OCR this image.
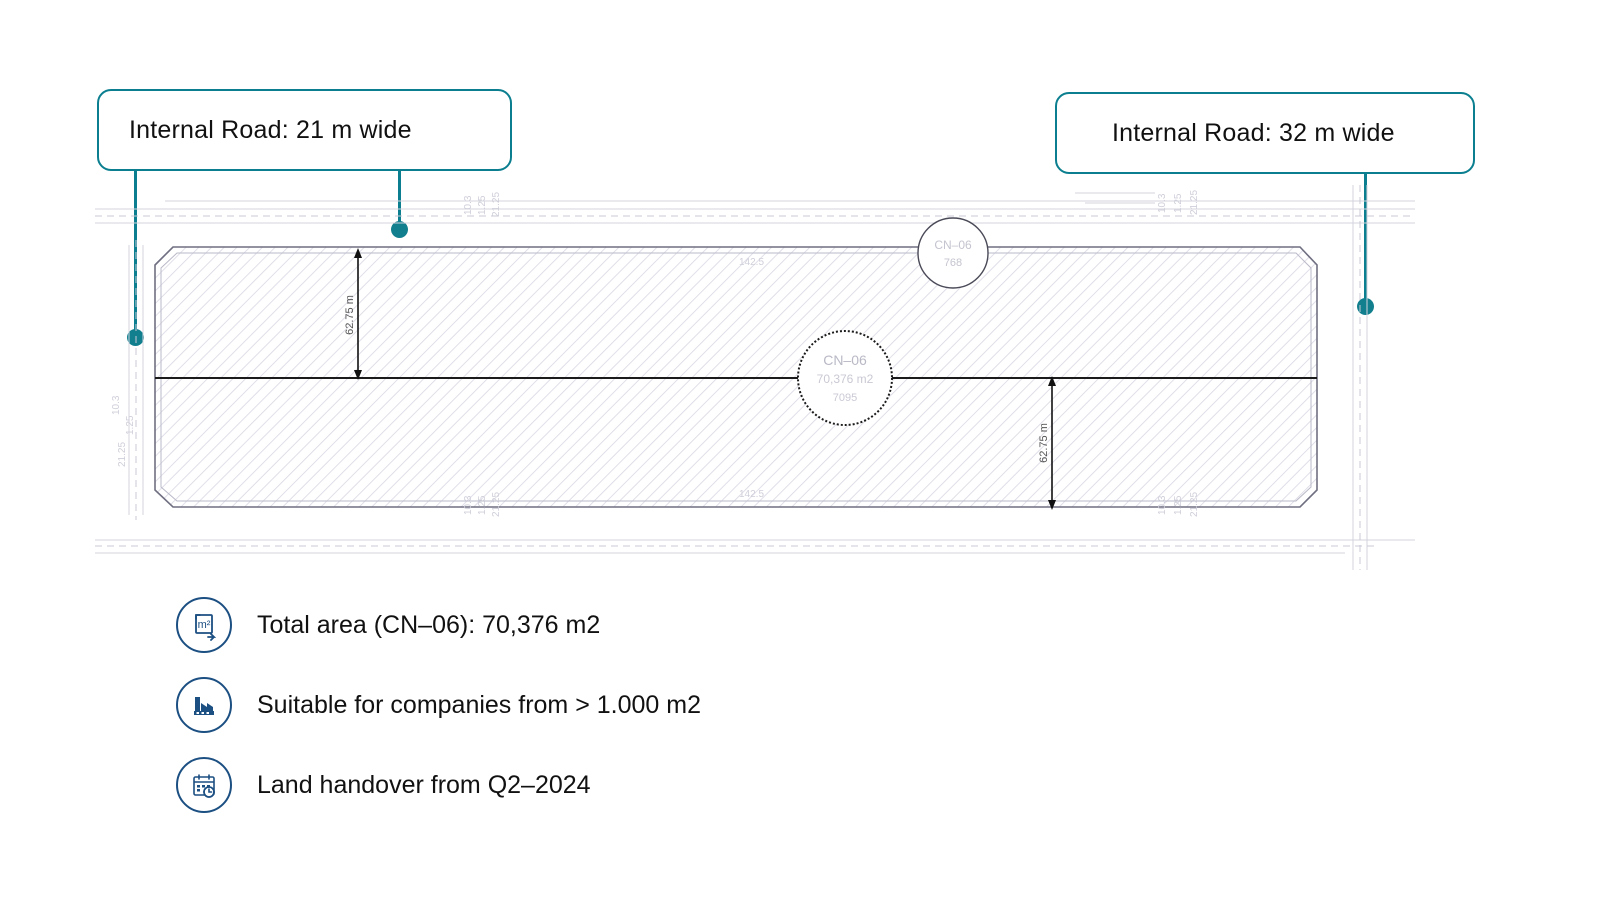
Internal Road: 21 m wide	Internal Road: 32 m wide
62.75 m
62.75 m
CN–06
768
CN–06
70,376 m2
7095
142.5
142.5
10.3 1.25 21.25
10.3 1.25 21.25
10.3
1.25
21.25
10.3 1.25 21.25
10.3 1.25 21.25
m² Total area (CN–06): 70,376 m2
Suitable for companies from > 1.000 m2
Land handover from Q2–2024
